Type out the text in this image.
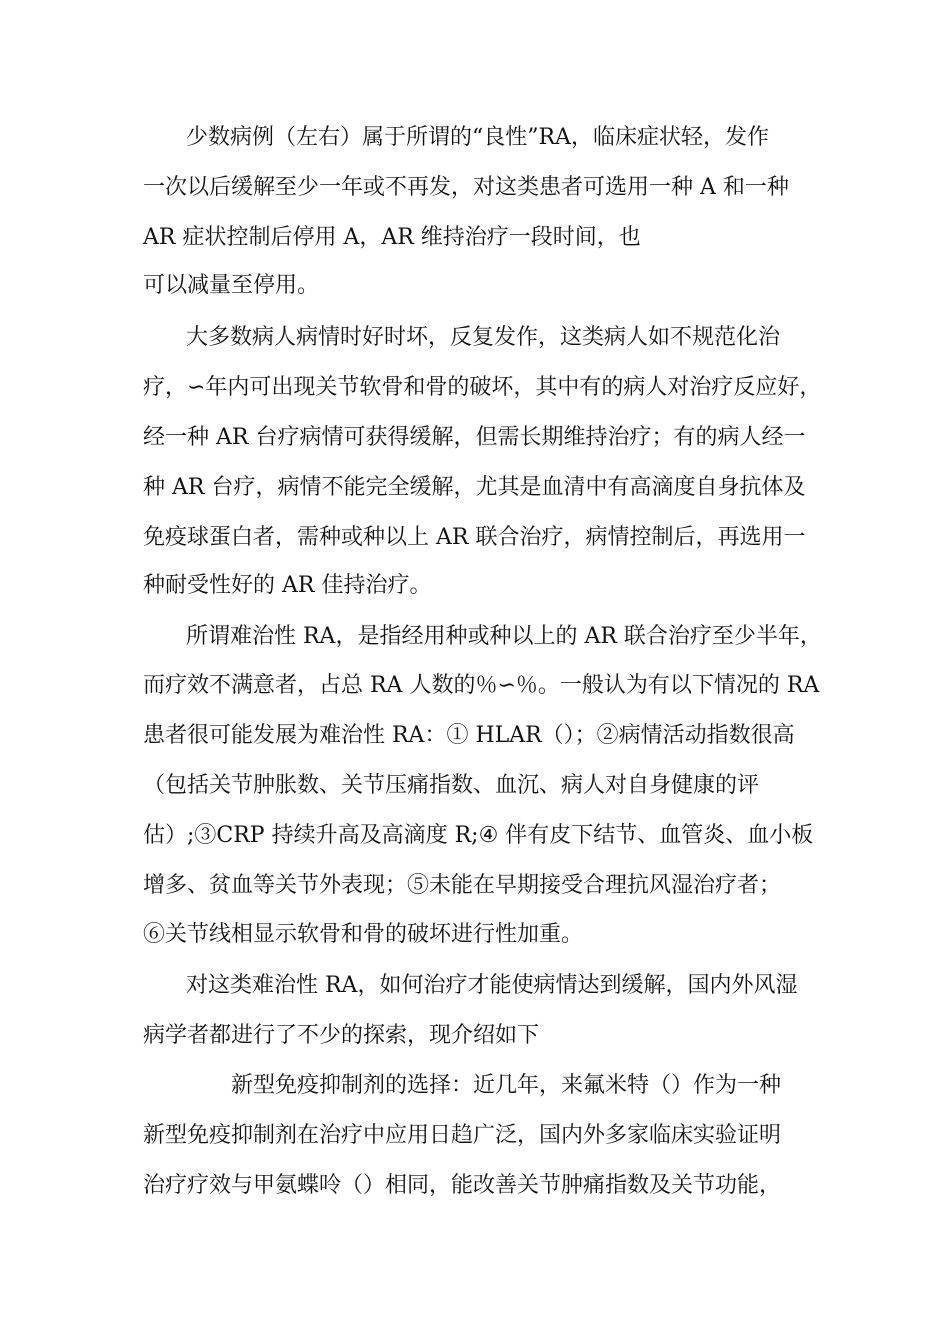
少数病例（左右）属于所谓的“良性”RA，临床症状轻，发作
一次以后缓解至少一年或不再发，对这类患者可选用一种 A 和一种
AR 症状控制后停用 A，AR 维持治疗一段时间，也
可以减量至停用。
大多数病人病情时好时坏，反复发作，这类病人如不规范化治
疗，∽年内可出现关节软骨和骨的破坏，其中有的病人对治疗反应好，
经一种 AR 台疗病情可获得缓解，但需长期维持治疗；有的病人经一
种 AR 台疗，病情不能完全缓解，尤其是血清中有高滴度自身抗体及
免疫球蛋白者，需种或种以上 AR 联合治疗，病情控制后，再选用一
种耐受性好的 AR 佳持治疗。
所谓难治性 RA，是指经用种或种以上的 AR 联合治疗至少半年，
而疗效不满意者，占总 RA 人数的％∽％。一般认为有以下情况的 RA
患者很可能发展为难治性 RA：① HLAR（）；②病情活动指数很高
（包括关节肿胀数、关节压痛指数、血沉、病人对自身健康的评
估）;③CRP 持续升高及高滴度 R;④ 伴有皮下结节、血管炎、血小板
增多、贫血等关节外表现；⑤未能在早期接受合理抗风湿治疗者；
⑥关节线相显示软骨和骨的破坏进行性加重。
对这类难治性 RA，如何治疗才能使病情达到缓解，国内外风湿
病学者都进行了不少的探索，现介绍如下
新型免疫抑制剂的选择：近几年，来氟米特（）作为一种
新型免疫抑制剂在治疗中应用日趋广泛，国内外多家临床实验证明
治疗疗效与甲氨蝶呤（）相同，能改善关节肿痛指数及关节功能，
